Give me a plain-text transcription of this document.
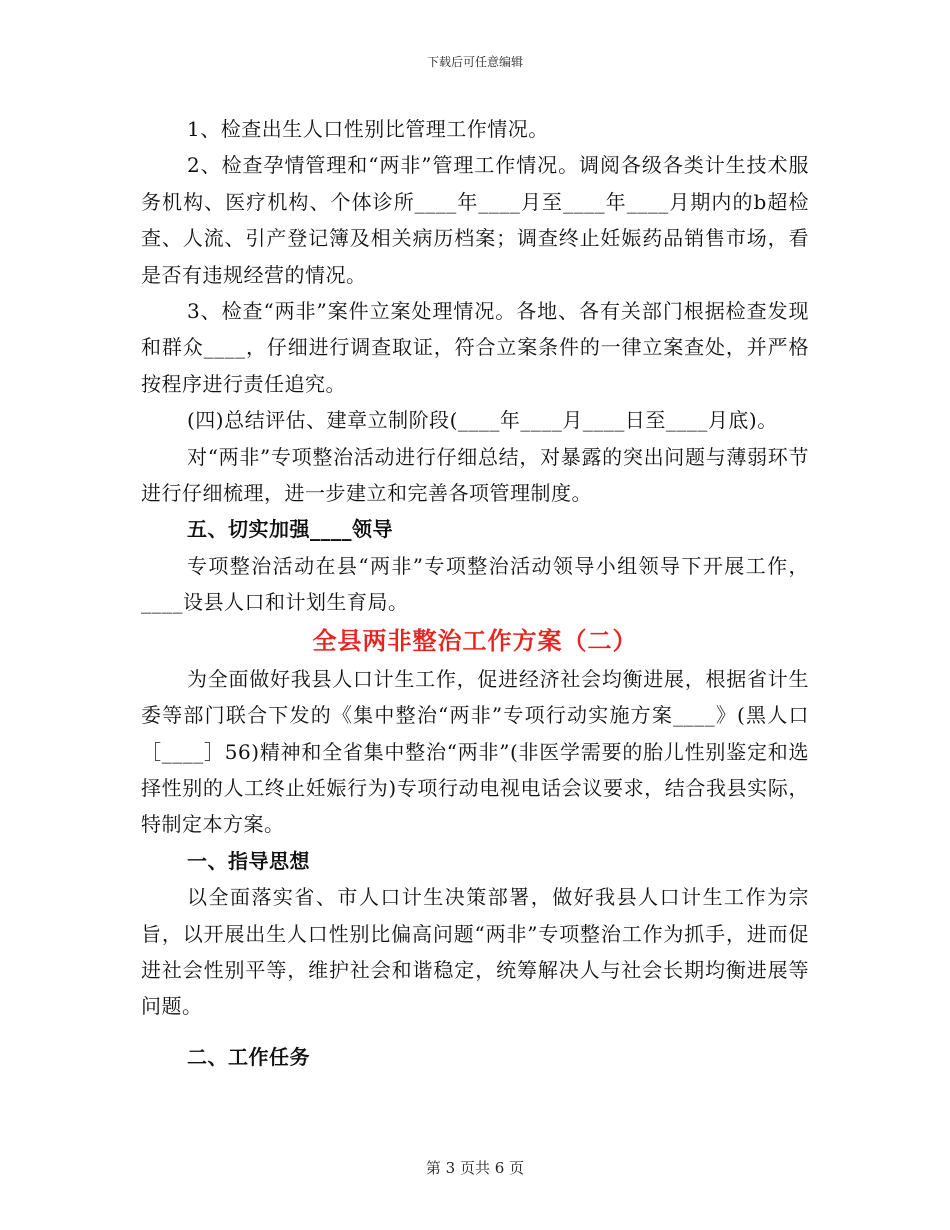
下载后可任意编辑

1、检查出生人口性别比管理工作情况。

2、检查孕情管理和“两非”管理工作情况。调阅各级各类计生技术服务机构、医疗机构、个体诊所____年____月至____年____月期内的b超检查、人流、引产登记簿及相关病历档案；调查终止妊娠药品销售市场，看是否有违规经营的情况。

3、检查“两非”案件立案处理情况。各地、各有关部门根据检查发现和群众____，仔细进行调查取证，符合立案条件的一律立案查处，并严格按程序进行责任追究。

(四)总结评估、建章立制阶段(____年____月____日至____月底)。

对“两非”专项整治活动进行仔细总结，对暴露的突出问题与薄弱环节进行仔细梳理，进一步建立和完善各项管理制度。

五、切实加强____领导

专项整治活动在县“两非”专项整治活动领导小组领导下开展工作，____设县人口和计划生育局。

全县两非整治工作方案（二）

为全面做好我县人口计生工作，促进经济社会均衡进展，根据省计生委等部门联合下发的《集中整治“两非”专项行动实施方案____》(黑人口［____］56)精神和全省集中整治“两非”(非医学需要的胎儿性别鉴定和选择性别的人工终止妊娠行为)专项行动电视电话会议要求，结合我县实际，特制定本方案。

一、指导思想

以全面落实省、市人口计生决策部署，做好我县人口计生工作为宗旨，以开展出生人口性别比偏高问题“两非”专项整治工作为抓手，进而促进社会性别平等，维护社会和谐稳定，统筹解决人与社会长期均衡进展等问题。

二、工作任务

第 3 页共 6 页
